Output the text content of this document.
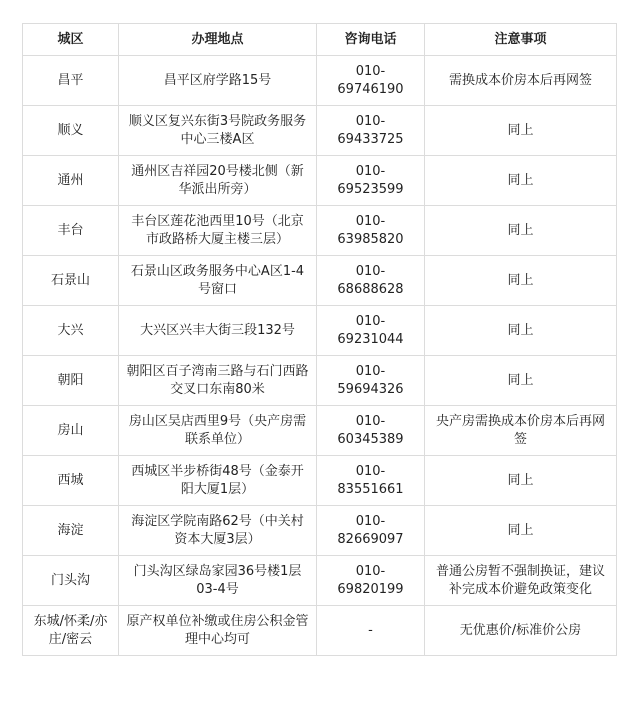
城区	办理地点	咨询电话	注意事项
昌平	昌平区府学路15号	010-69746190	需换成本价房本后再网签
顺义	顺义区复兴东街3号院政务服务中心三楼A区	010-69433725	同上
通州	通州区吉祥园20号楼北侧（新华派出所旁）	010-69523599	同上
丰台	丰台区莲花池西里10号（北京市政路桥大厦主楼三层）	010-63985820	同上
石景山	石景山区政务服务中心A区1-4号窗口	010-68688628	同上
大兴	大兴区兴丰大街三段132号	010-69231044	同上
朝阳	朝阳区百子湾南三路与石门西路交叉口东南80米	010-59694326	同上
房山	房山区吴店西里9号（央产房需联系单位）	010-60345389	央产房需换成本价房本后再网签
西城	西城区半步桥街48号（金泰开阳大厦1层）	010-83551661	同上
海淀	海淀区学院南路62号（中关村资本大厦3层）	010-82669097	同上
门头沟	门头沟区绿岛家园36号楼1层03-4号	010-69820199	普通公房暂不强制换证，建议补完成本价避免政策变化
东城/怀柔/亦庄/密云	原产权单位补缴或住房公积金管理中心均可	-	无优惠价/标准价公房
